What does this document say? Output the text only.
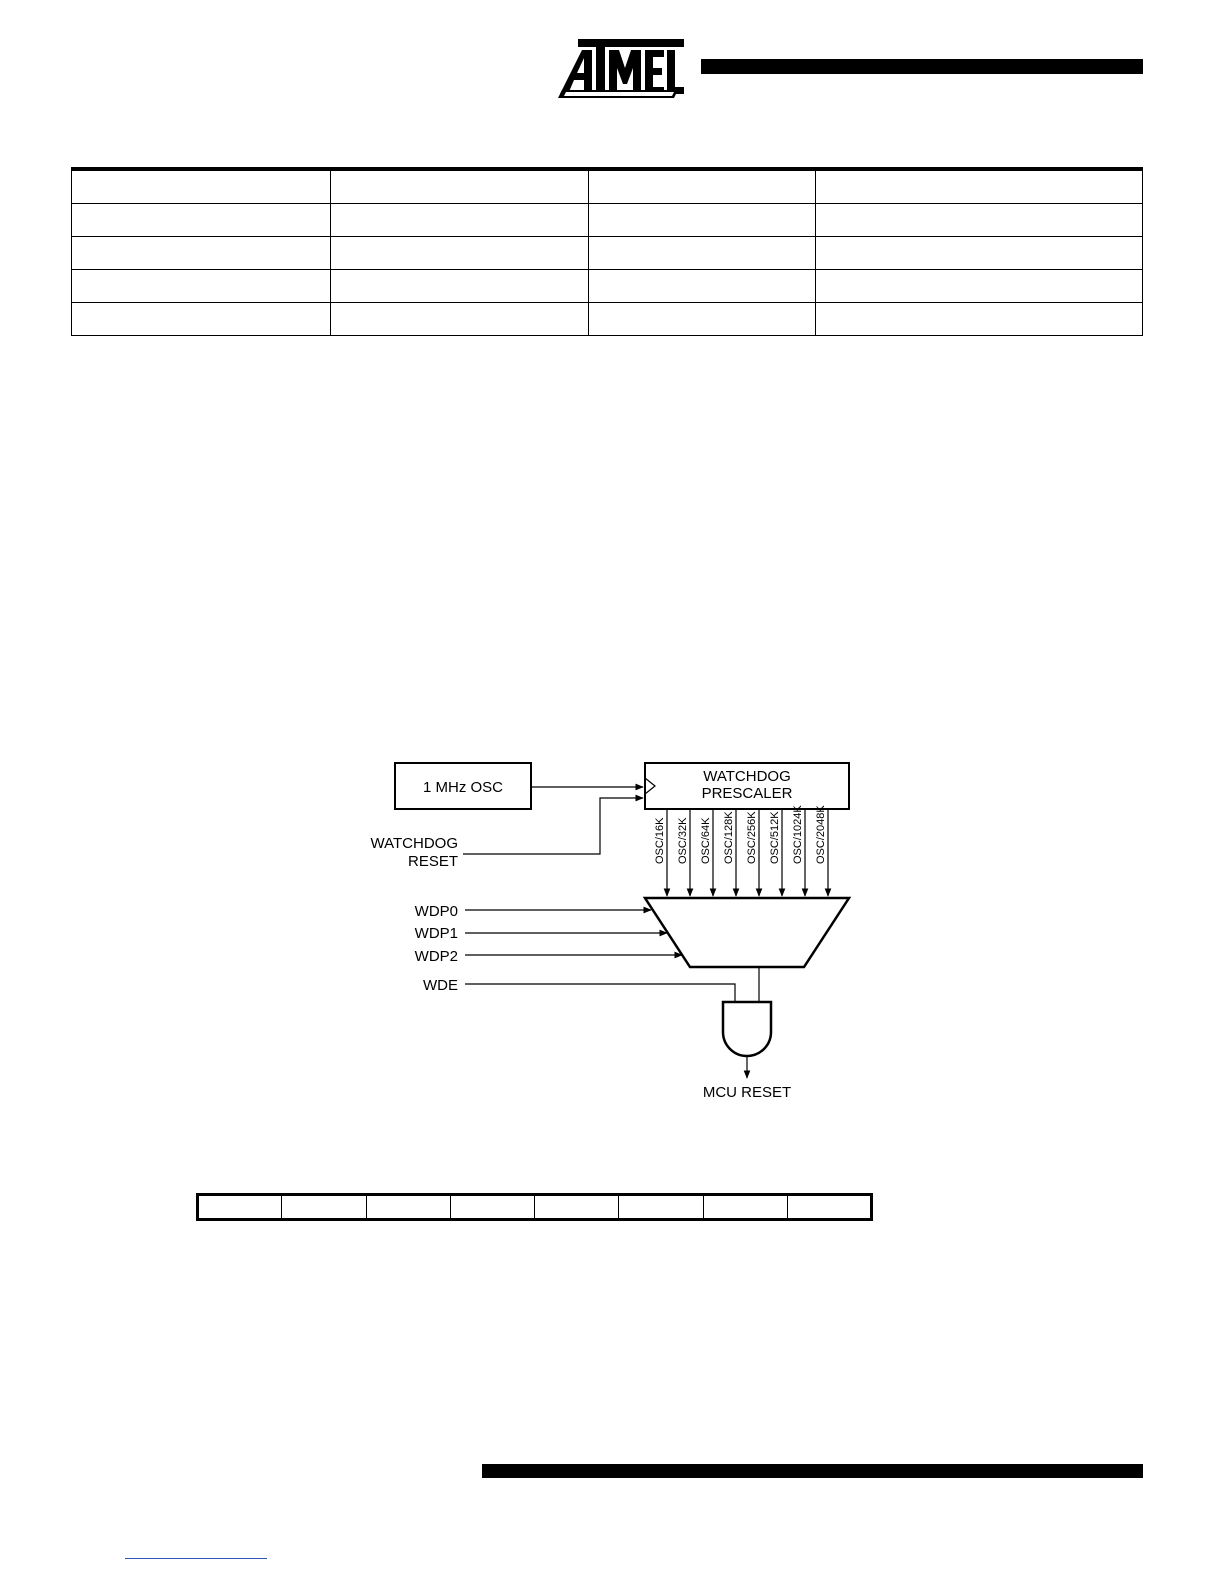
1 MHz OSC
WATCHDOG
PRESCALER
WATCHDOG
RESET	OSC/16K OSC/32K OSC/64K OSC/128K OSC/256K OSC/512K OSC/1024K OSC/2048K
WDP0
WDP1
WDP2
WDE
MCU RESET
